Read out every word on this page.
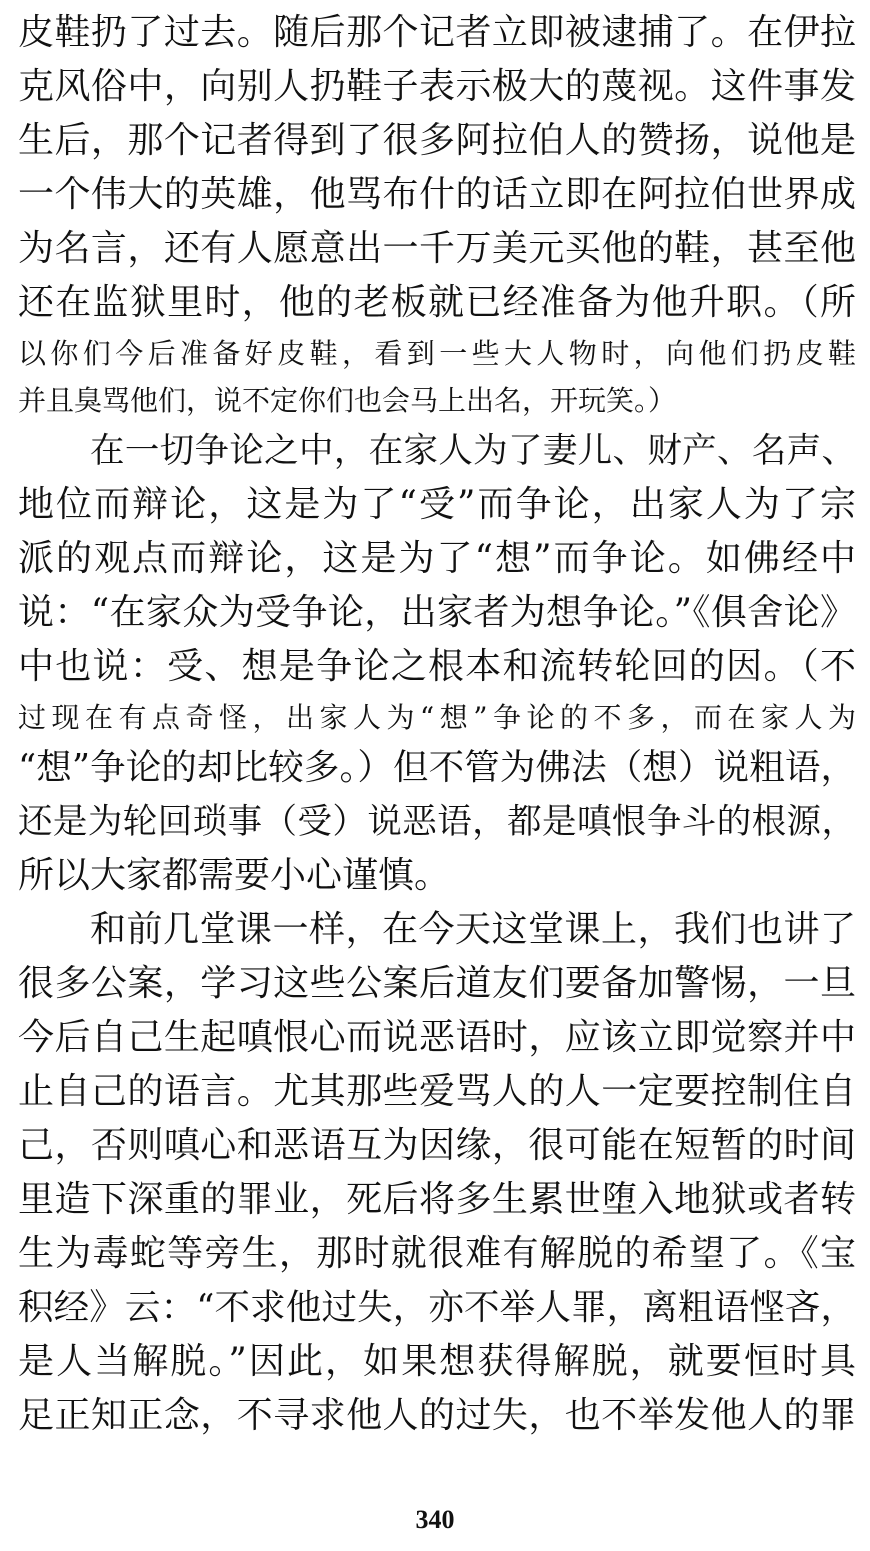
皮鞋扔了过去。随后那个记者立即被逮捕了。在伊拉
克风俗中，向别人扔鞋子表示极大的蔑视。这件事发
生后，那个记者得到了很多阿拉伯人的赞扬，说他是
一个伟大的英雄，他骂布什的话立即在阿拉伯世界成
为名言，还有人愿意出一千万美元买他的鞋，甚至他
还在监狱里时，他的老板就已经准备为他升职。（所
以你们今后准备好皮鞋，看到一些大人物时，向他们扔皮鞋
并且臭骂他们，说不定你们也会马上出名，开玩笑。）
在一切争论之中，在家人为了妻儿、财产、名声、
地位而辩论，这是为了“受”而争论，出家人为了宗
派的观点而辩论，这是为了“想”而争论。如佛经中
说：“在家众为受争论，出家者为想争论。”《俱舍论》
中也说：受、想是争论之根本和流转轮回的因。（不
过现在有点奇怪，出家人为“想”争论的不多，而在家人为
“想”争论的却比较多。）但不管为佛法（想）说粗语，
还是为轮回琐事（受）说恶语，都是嗔恨争斗的根源，
所以大家都需要小心谨慎。
和前几堂课一样，在今天这堂课上，我们也讲了
很多公案，学习这些公案后道友们要备加警惕，一旦
今后自己生起嗔恨心而说恶语时，应该立即觉察并中
止自己的语言。尤其那些爱骂人的人一定要控制住自
己，否则嗔心和恶语互为因缘，很可能在短暂的时间
里造下深重的罪业，死后将多生累世堕入地狱或者转
生为毒蛇等旁生，那时就很难有解脱的希望了。《宝
积经》云：“不求他过失，亦不举人罪，离粗语悭吝，
是人当解脱。”因此，如果想获得解脱，就要恒时具
足正知正念，不寻求他人的过失，也不举发他人的罪
340
